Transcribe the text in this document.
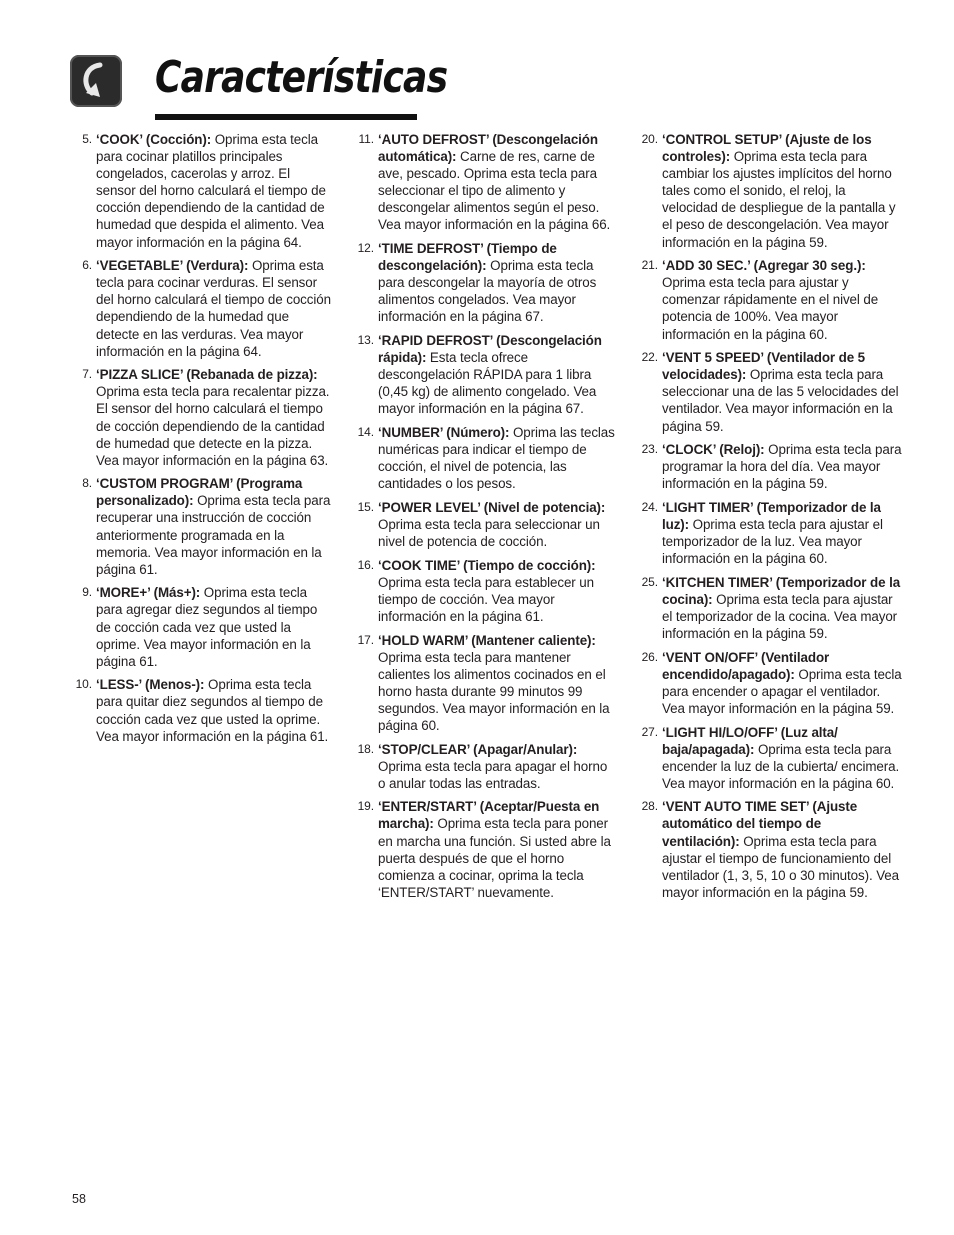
Características

5. ‘COOK’ (Cocción): Oprima esta tecla para cocinar platillos principales congelados, cacerolas y arroz. El sensor del horno calculará el tiempo de cocción dependiendo de la cantidad de humedad que despida el alimento. Vea mayor información en la página 64.

6. ‘VEGETABLE’ (Verdura): Oprima esta tecla para cocinar verduras. El sensor del horno calculará el tiempo de cocción dependiendo de la humedad que detecte en las verduras. Vea mayor información en la página 64.

7. ‘PIZZA SLICE’ (Rebanada de pizza): Oprima esta tecla para recalentar pizza. El sensor del horno calculará el tiempo de cocción dependiendo de la cantidad de humedad que detecte en la pizza. Vea mayor información en la página 63.

8. ‘CUSTOM PROGRAM’ (Programa personalizado): Oprima esta tecla para recuperar una instrucción de cocción anteriormente programada en la memoria. Vea mayor información en la página 61.

9. ‘MORE+’ (Más+): Oprima esta tecla para agregar diez segundos al tiempo de cocción cada vez que usted la oprime. Vea mayor información en la página 61.

10. ‘LESS-’ (Menos-): Oprima esta tecla para quitar diez segundos al tiempo de cocción cada vez que usted la oprime. Vea mayor información en la página 61.

11. ‘AUTO DEFROST’ (Descongelación automática): Carne de res, carne de ave, pescado. Oprima esta tecla para seleccionar el tipo de alimento y descongelar alimentos según el peso. Vea mayor información en la página 66.

12. ‘TIME DEFROST’ (Tiempo de descongelación): Oprima esta tecla para descongelar la mayoría de otros alimentos congelados. Vea mayor información en la página 67.

13. ‘RAPID DEFROST’ (Descongelación rápida): Esta tecla ofrece descongelación RÁPIDA para 1 libra (0,45 kg) de alimento congelado. Vea mayor información en la página 67.

14. ‘NUMBER’ (Número): Oprima las teclas numéricas para indicar el tiempo de cocción, el nivel de potencia, las cantidades o los pesos.

15. ‘POWER LEVEL’ (Nivel de potencia): Oprima esta tecla para seleccionar un nivel de potencia de cocción.

16. ‘COOK TIME’ (Tiempo de cocción): Oprima esta tecla para establecer un tiempo de cocción. Vea mayor información en la página 61.

17. ‘HOLD WARM’ (Mantener caliente): Oprima esta tecla para mantener calientes los alimentos cocinados en el horno hasta durante 99 minutos 99 segundos. Vea mayor información en la página 60.

18. ‘STOP/CLEAR’ (Apagar/Anular): Oprima esta tecla para apagar el horno o anular todas las entradas.

19. ‘ENTER/START’ (Aceptar/Puesta en marcha): Oprima esta tecla para poner en marcha una función. Si usted abre la puerta después de que el horno comienza a cocinar, oprima la tecla ‘ENTER/START’ nuevamente.

20. ‘CONTROL SETUP’ (Ajuste de los controles): Oprima esta tecla para cambiar los ajustes implícitos del horno tales como el sonido, el reloj, la velocidad de despliegue de la pantalla y el peso de descongelación. Vea mayor información en la página 59.

21. ‘ADD 30 SEC.’ (Agregar 30 seg.): Oprima esta tecla para ajustar y comenzar rápidamente en el nivel de potencia de 100%. Vea mayor información en la página 60.

22. ‘VENT 5 SPEED’ (Ventilador de 5 velocidades): Oprima esta tecla para seleccionar una de las 5 velocidades del ventilador. Vea mayor información en la página 59.

23. ‘CLOCK’ (Reloj): Oprima esta tecla para programar la hora del día. Vea mayor información en la página 59.

24. ‘LIGHT TIMER’ (Temporizador de la luz): Oprima esta tecla para ajustar el temporizador de la luz. Vea mayor información en la página 60.

25. ‘KITCHEN TIMER’ (Temporizador de la cocina): Oprima esta tecla para ajustar el temporizador de la cocina. Vea mayor información en la página 59.

26. ‘VENT ON/OFF’ (Ventilador encendido/apagado): Oprima esta tecla para encender o apagar el ventilador. Vea mayor información en la página 59.

27. ‘LIGHT HI/LO/OFF’ (Luz alta/ baja/apagada): Oprima esta tecla para encender la luz de la cubierta/ encimera. Vea mayor información en la página 60.

28. ‘VENT AUTO TIME SET’ (Ajuste automático del tiempo de ventilación): Oprima esta tecla para ajustar el tiempo de funcionamiento del ventilador (1, 3, 5, 10 o 30 minutos). Vea mayor información en la página 59.

58
